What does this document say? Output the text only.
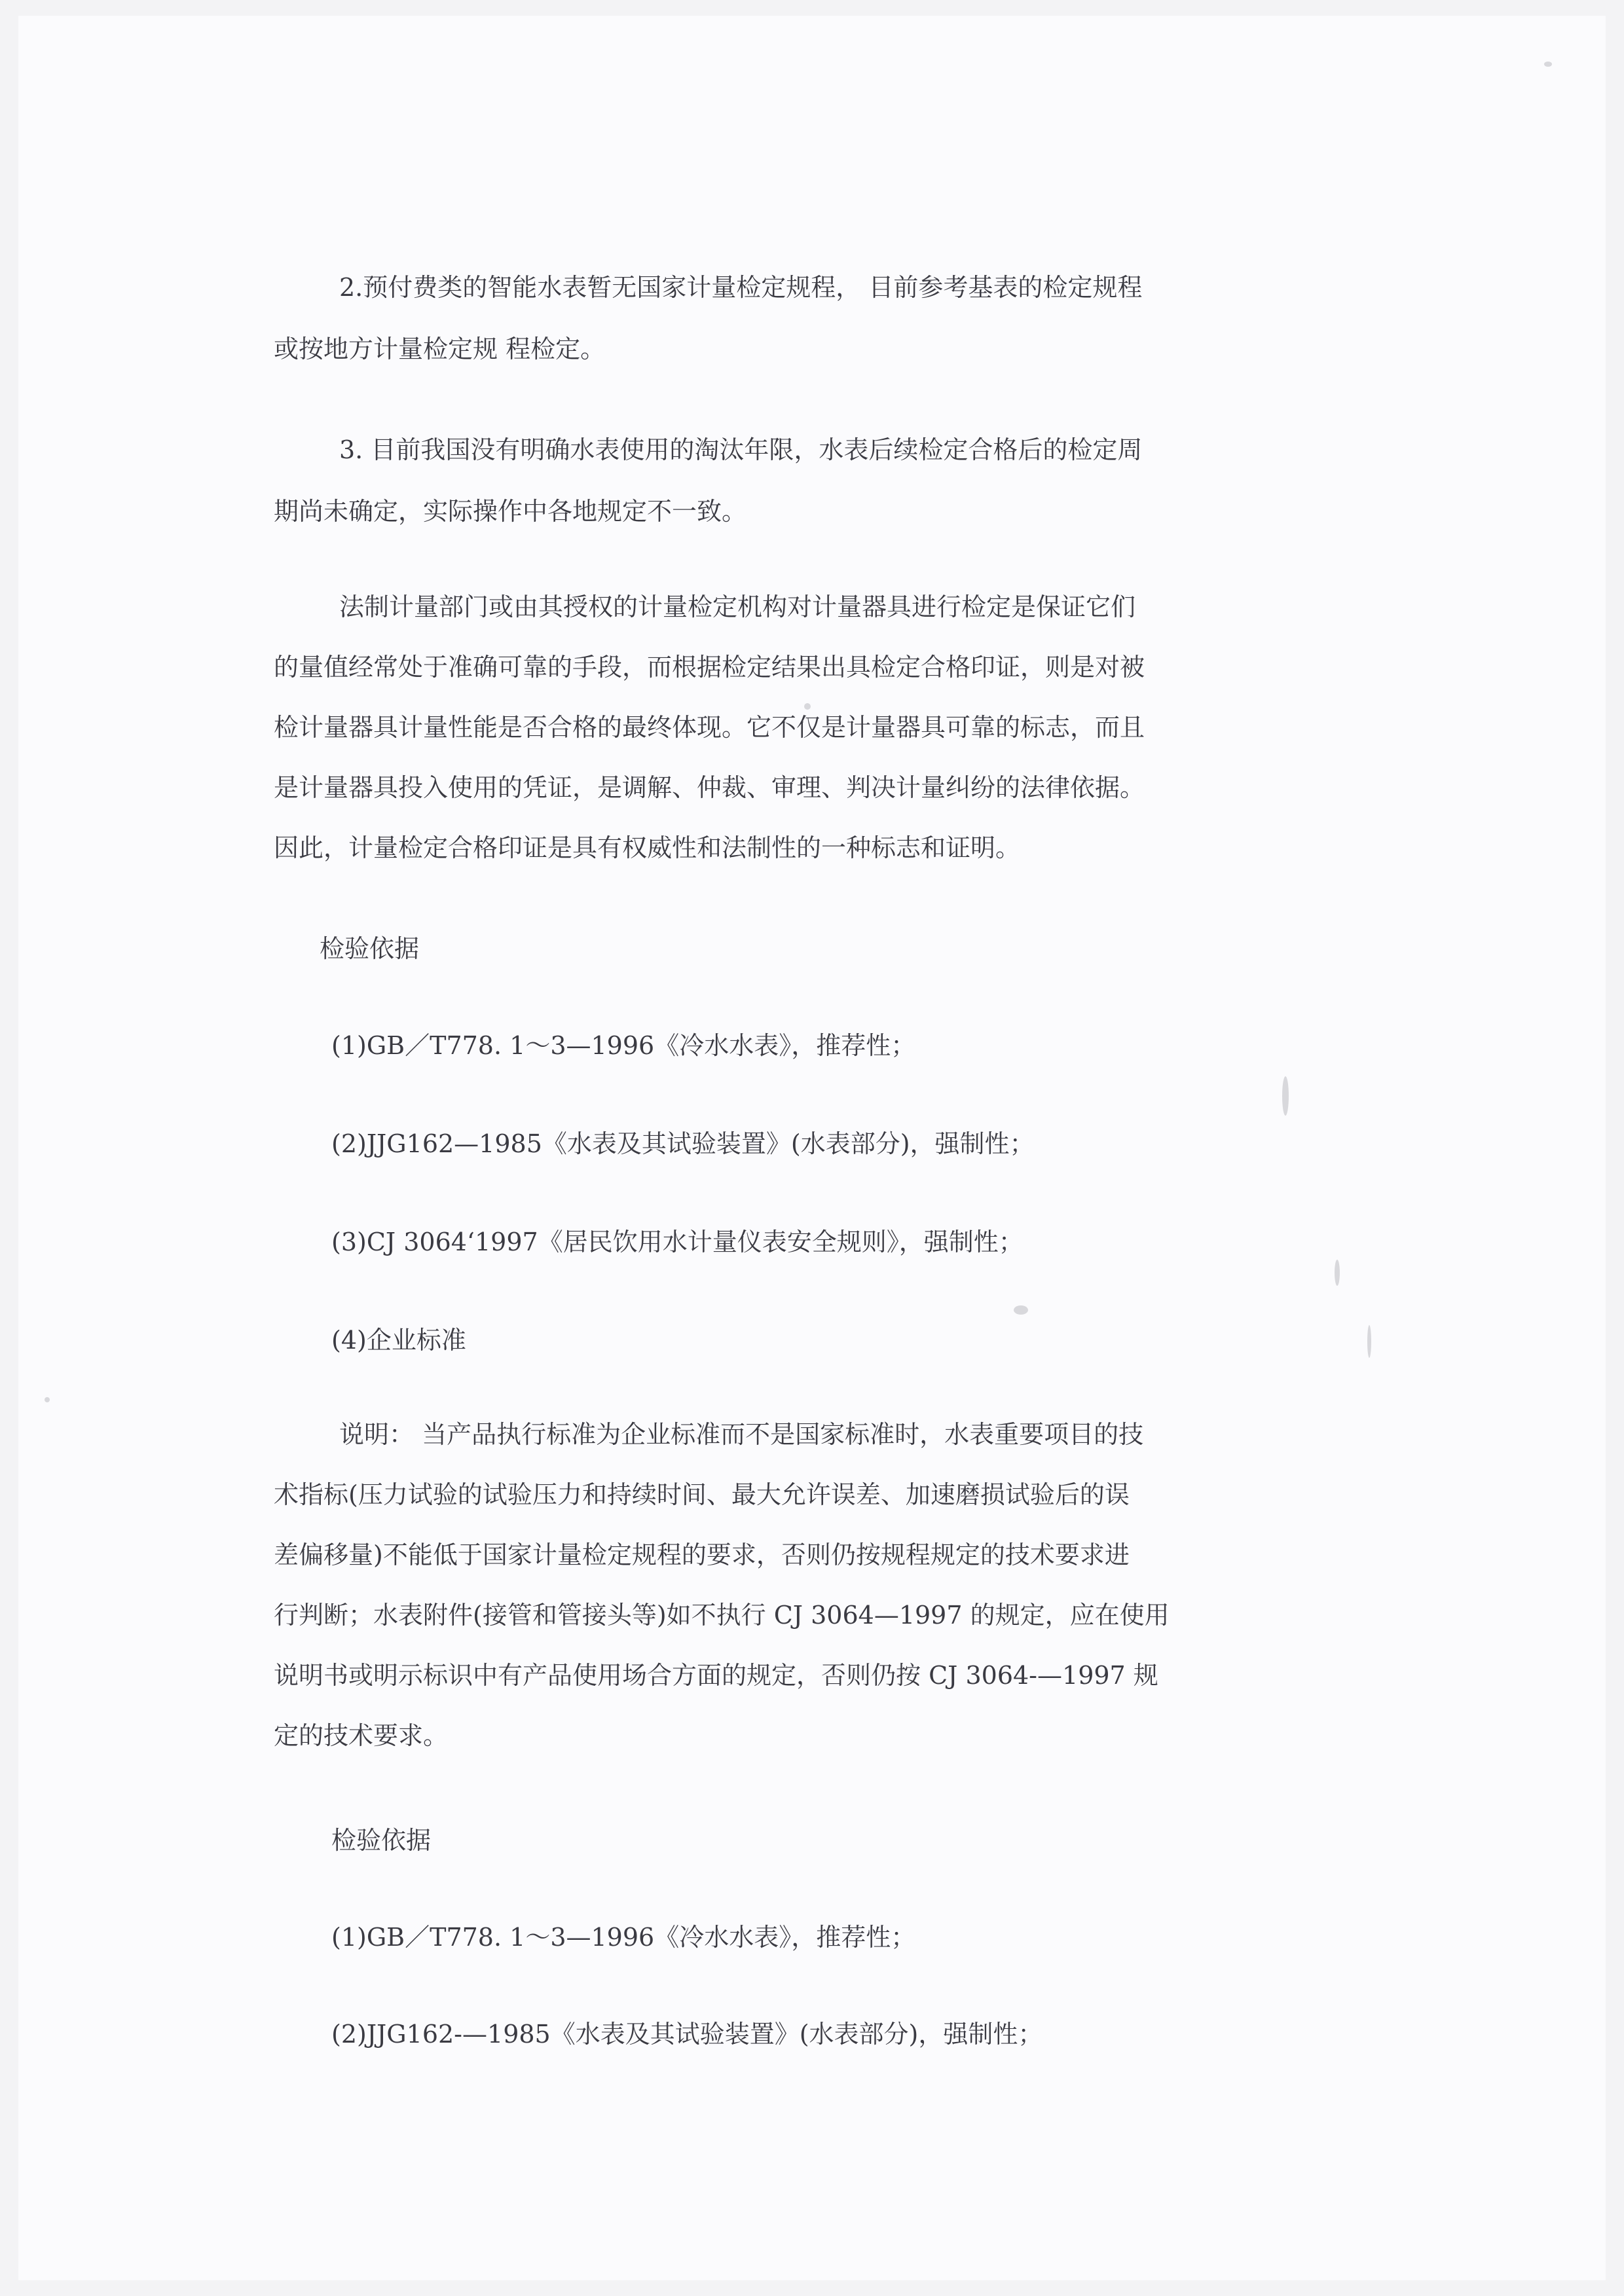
2.预付费类的智能水表暂无国家计量检定规程， 目前参考基表的检定规程
或按地方计量检定规 程检定。
3. 目前我国没有明确水表使用的淘汰年限，水表后续检定合格后的检定周
期尚未确定，实际操作中各地规定不一致。
法制计量部门或由其授权的计量检定机构对计量器具进行检定是保证它们
的量值经常处于准确可靠的手段，而根据检定结果出具检定合格印证，则是对被
检计量器具计量性能是否合格的最终体现。它不仅是计量器具可靠的标志，而且
是计量器具投入使用的凭证，是调解、仲裁、审理、判决计量纠纷的法律依据。
因此，计量检定合格印证是具有权威性和法制性的一种标志和证明。
检验依据
(1)GB／T778. 1～3—1996《冷水水表》，推荐性；
(2)JJG162—1985《水表及其试验装置》(水表部分)，强制性；
(3)CJ 3064‘1997《居民饮用水计量仪表安全规则》，强制性；
(4)企业标准
说明： 当产品执行标准为企业标准而不是国家标准时，水表重要项目的技
术指标(压力试验的试验压力和持续时间、最大允许误差、加速磨损试验后的误
差偏移量)不能低于国家计量检定规程的要求，否则仍按规程规定的技术要求进
行判断；水表附件(接管和管接头等)如不执行 CJ 3064—1997 的规定，应在使用
说明书或明示标识中有产品使用场合方面的规定，否则仍按 CJ 3064-—1997 规
定的技术要求。
检验依据
(1)GB／T778. 1～3—1996《冷水水表》，推荐性；
(2)JJG162-—1985《水表及其试验装置》(水表部分)，强制性；
